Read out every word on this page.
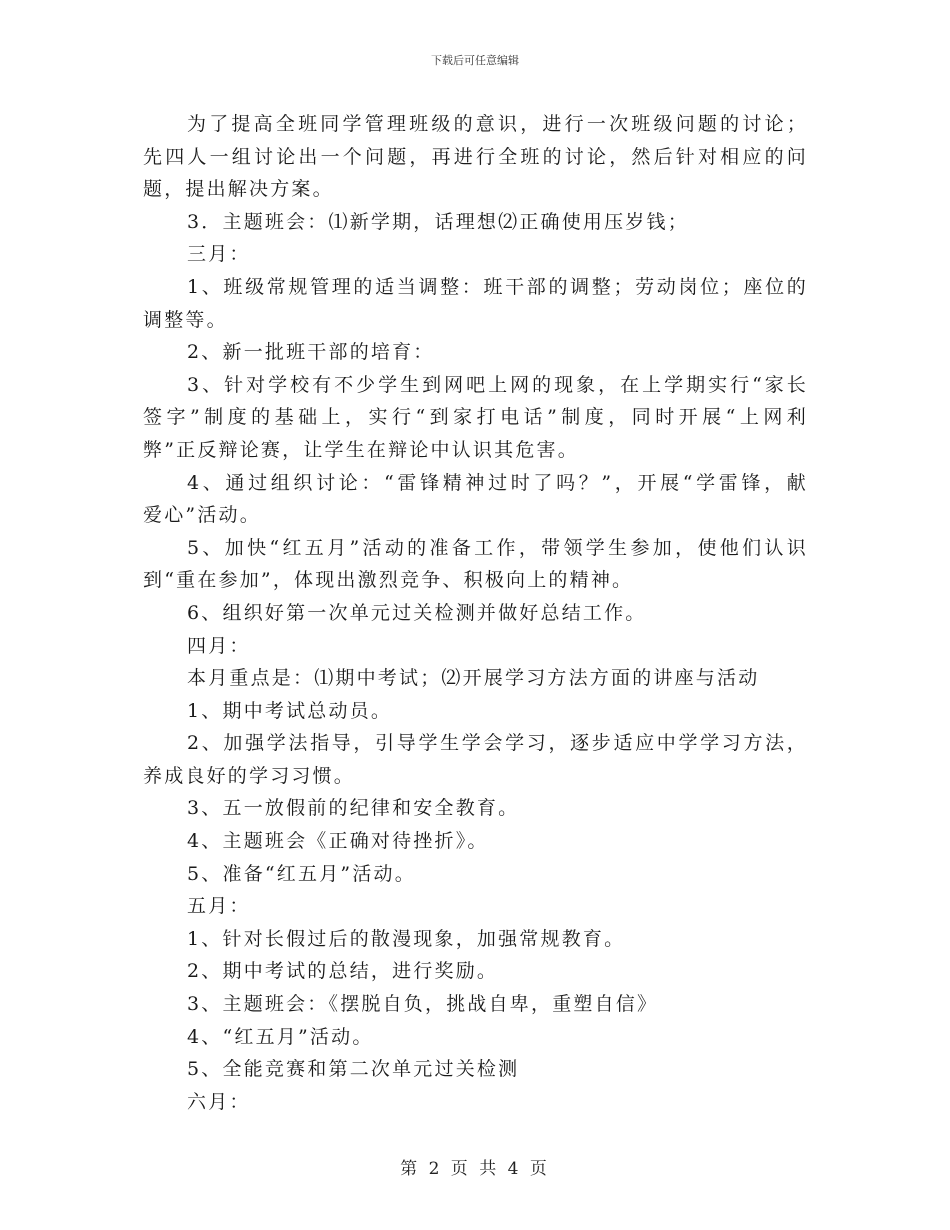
下载后可任意编辑
为了提高全班同学管理班级的意识，进行一次班级问题的讨论；
先四人一组讨论出一个问题，再进行全班的讨论，然后针对相应的问
题，提出解决方案。
3．主题班会：⑴新学期，话理想⑵正确使用压岁钱；
三月：
1、班级常规管理的适当调整：班干部的调整；劳动岗位；座位的
调整等。
2、新一批班干部的培育：
3、针对学校有不少学生到网吧上网的现象，在上学期实行“家长
签字”制度的基础上，实行“到家打电话”制度，同时开展“上网利
弊”正反辩论赛，让学生在辩论中认识其危害。
4、通过组织讨论：“雷锋精神过时了吗？”，开展“学雷锋，献
爱心”活动。
5、加快“红五月”活动的准备工作，带领学生参加，使他们认识
到“重在参加”，体现出激烈竞争、积极向上的精神。
6、组织好第一次单元过关检测并做好总结工作。
四月：
本月重点是：⑴期中考试；⑵开展学习方法方面的讲座与活动
1、期中考试总动员。
2、加强学法指导，引导学生学会学习，逐步适应中学学习方法，
养成良好的学习习惯。
3、五一放假前的纪律和安全教育。
4、主题班会《正确对待挫折》。
5、准备“红五月”活动。
五月：
1、针对长假过后的散漫现象，加强常规教育。
2、期中考试的总结，进行奖励。
3、主题班会：《摆脱自负，挑战自卑，重塑自信》
4、“红五月”活动。
5、全能竞赛和第二次单元过关检测
六月：
第 2 页 共 4 页
